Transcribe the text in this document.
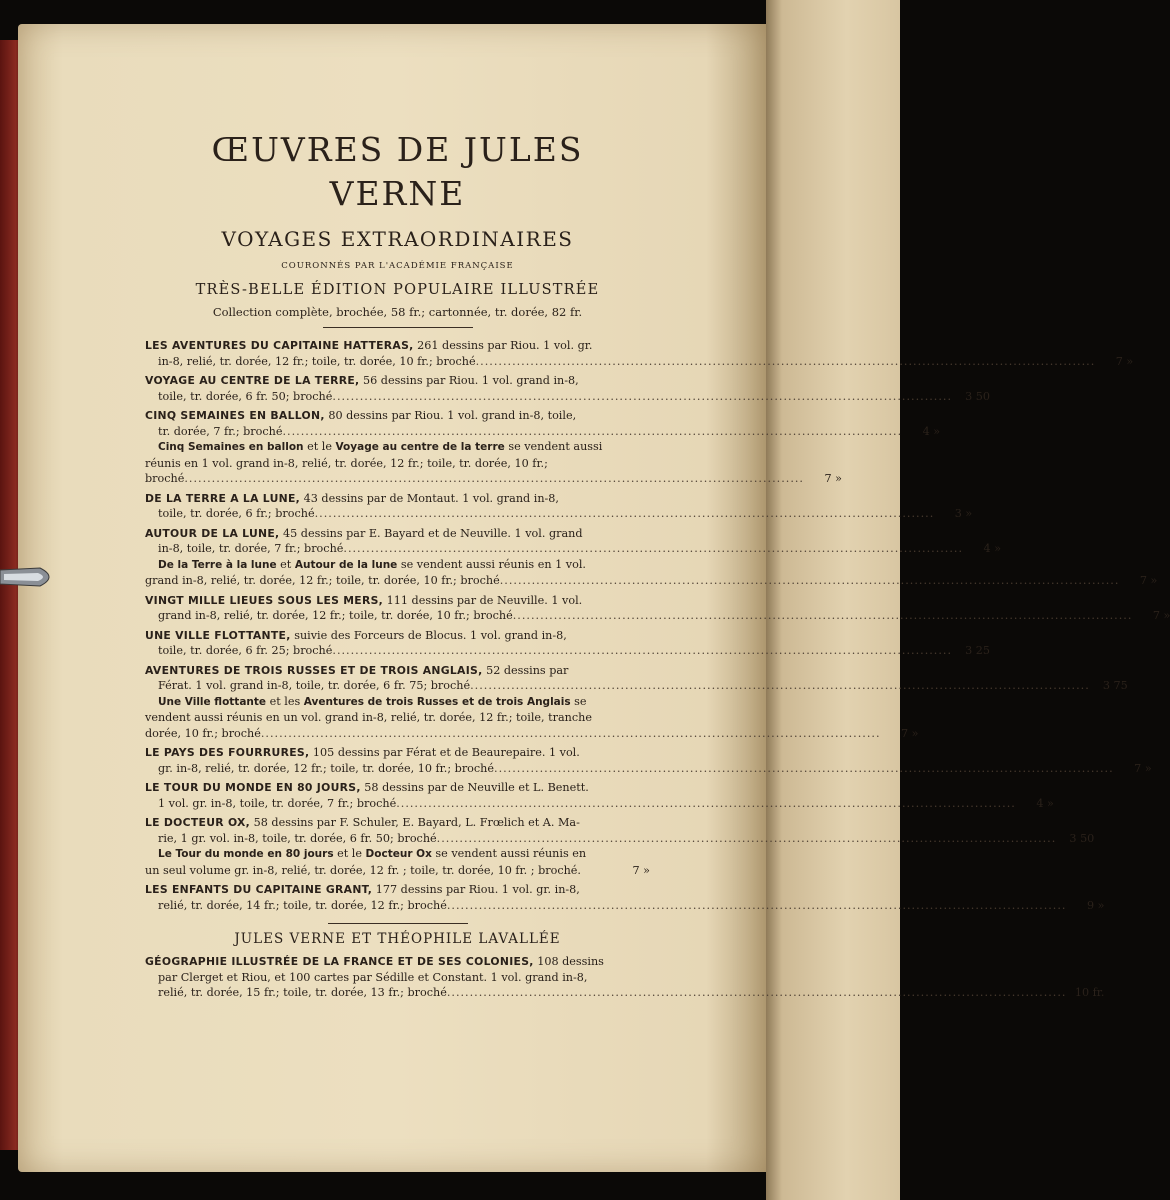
ŒUVRES DE JULES VERNE
VOYAGES EXTRAORDINAIRES
COURONNÉS PAR L'ACADÉMIE FRANÇAISE
TRÈS-BELLE ÉDITION POPULAIRE ILLUSTRÉE
Collection complète, brochée, 58 fr.; cartonnée, tr. dorée, 82 fr.
LES AVENTURES DU CAPITAINE HATTERAS, 261 dessins par Riou. 1 vol. gr.
in-8, relié, tr. dorée, 12 fr.; toile, tr. dorée, 10 fr.; broché ........................................................................................................................................	7 »
VOYAGE AU CENTRE DE LA TERRE, 56 dessins par Riou. 1 vol. grand in-8,
toile, tr. dorée, 6 fr. 50; broché ........................................................................................................................................	3 50
CINQ SEMAINES EN BALLON, 80 dessins par Riou. 1 vol. grand in-8, toile,
tr. dorée, 7 fr.; broché ........................................................................................................................................	4 »
Cinq Semaines en ballon et le Voyage au centre de la terre se vendent aussi
réunis en 1 vol. grand in-8, relié, tr. dorée, 12 fr.; toile, tr. dorée, 10 fr.;
broché ........................................................................................................................................	7 »
DE LA TERRE A LA LUNE, 43 dessins par de Montaut. 1 vol. grand in-8,
toile, tr. dorée, 6 fr.; broché ........................................................................................................................................	3 »
AUTOUR DE LA LUNE, 45 dessins par E. Bayard et de Neuville. 1 vol. grand
in-8, toile, tr. dorée, 7 fr.; broché ........................................................................................................................................	4 »
De la Terre à la lune et Autour de la lune se vendent aussi réunis en 1 vol.
grand in-8, relié, tr. dorée, 12 fr.; toile, tr. dorée, 10 fr.; broché ........................................................................................................................................	7 »
VINGT MILLE LIEUES SOUS LES MERS, 111 dessins par de Neuville. 1 vol.
grand in-8, relié, tr. dorée, 12 fr.; toile, tr. dorée, 10 fr.; broché ........................................................................................................................................	7 »
UNE VILLE FLOTTANTE, suivie des Forceurs de Blocus. 1 vol. grand in-8,
toile, tr. dorée, 6 fr. 25; broché ........................................................................................................................................	3 25
AVENTURES DE TROIS RUSSES ET DE TROIS ANGLAIS, 52 dessins par
Férat. 1 vol. grand in-8, toile, tr. dorée, 6 fr. 75; broché ........................................................................................................................................	3 75
Une Ville flottante et les Aventures de trois Russes et de trois Anglais se
vendent aussi réunis en un vol. grand in-8, relié, tr. dorée, 12 fr.; toile, tranche
dorée, 10 fr.; broché ........................................................................................................................................	7 »
LE PAYS DES FOURRURES, 105 dessins par Férat et de Beaurepaire. 1 vol.
gr. in-8, relié, tr. dorée, 12 fr.; toile, tr. dorée, 10 fr.; broché ........................................................................................................................................	7 »
LE TOUR DU MONDE EN 80 JOURS, 58 dessins par de Neuville et L. Benett.
1 vol. gr. in-8, toile, tr. dorée, 7 fr.; broché ........................................................................................................................................	4 »
LE DOCTEUR OX, 58 dessins par F. Schuler, E. Bayard, L. Frœlich et A. Ma-
rie, 1 gr. vol. in-8, toile, tr. dorée, 6 fr. 50; broché ........................................................................................................................................	3 50
Le Tour du monde en 80 jours et le Docteur Ox se vendent aussi réunis en
un seul volume gr. in-8, relié, tr. dorée, 12 fr. ; toile, tr. dorée, 10 fr. ; broché.	7 »
LES ENFANTS DU CAPITAINE GRANT, 177 dessins par Riou. 1 vol. gr. in-8,
relié, tr. dorée, 14 fr.; toile, tr. dorée, 12 fr.; broché ........................................................................................................................................	9 »
JULES VERNE ET THÉOPHILE LAVALLÉE
GÉOGRAPHIE ILLUSTRÉE DE LA FRANCE ET DE SES COLONIES, 108 dessins
par Clerget et Riou, et 100 cartes par Sédille et Constant. 1 vol. grand in-8,
relié, tr. dorée, 15 fr.; toile, tr. dorée, 13 fr.; broché ........................................................................................................................................ 10 fr.
